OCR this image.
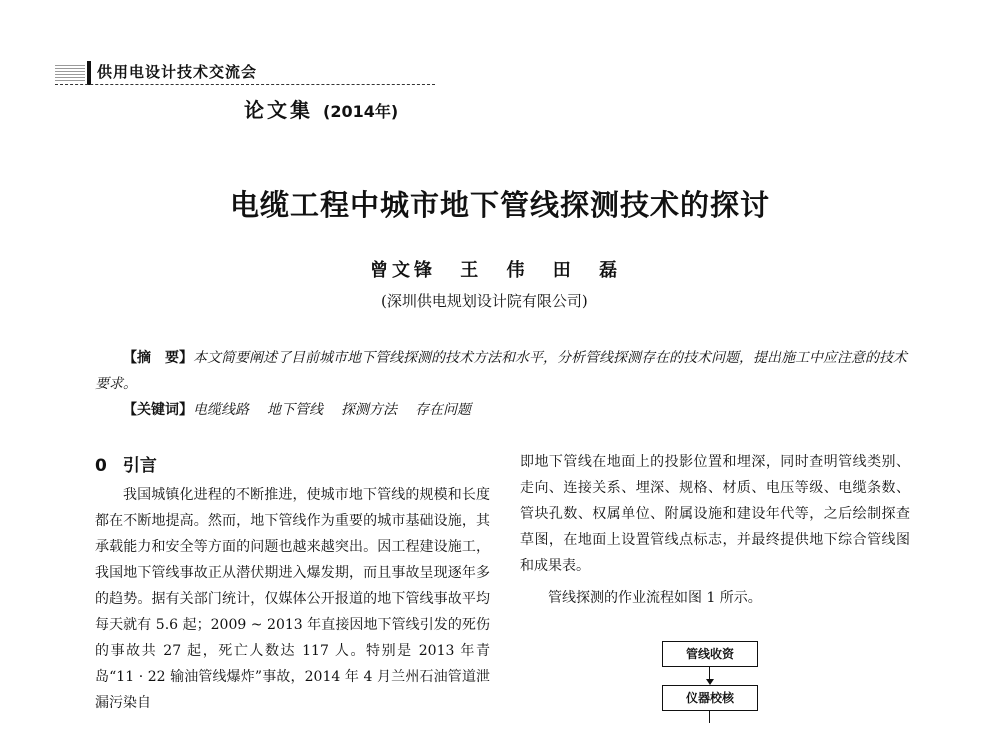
供用电设计技术交流会
论文集 (2014年)
电缆工程中城市地下管线探测技术的探讨
曾文锋 王 伟 田 磊
(深圳供电规划设计院有限公司)

【摘　要】本文简要阐述了目前城市地下管线探测的技术方法和水平，分析管线探测存在的技术问题，提出施工中应注意的技术要求。

【关键词】电缆线路 地下管线 探测方法 存在问题

0 引言

我国城镇化进程的不断推进，使城市地下管线的规模和长度都在不断地提高。然而，地下管线作为重要的城市基础设施，其承载能力和安全等方面的问题也越来越突出。因工程建设施工，我国地下管线事故正从潜伏期进入爆发期，而且事故呈现逐年多的趋势。据有关部门统计，仅媒体公开报道的地下管线事故平均每天就有 5.6 起；2009 ~ 2013 年直接因地下管线引发的死伤的事故共 27 起，死亡人数达 117 人。特别是 2013 年青岛“11 · 22 输油管线爆炸”事故，2014 年 4 月兰州石油管道泄漏污染自

即地下管线在地面上的投影位置和埋深，同时查明管线类别、走向、连接关系、埋深、规格、材质、电压等级、电缆条数、管块孔数、权属单位、附属设施和建设年代等，之后绘制探查草图，在地面上设置管线点标志，并最终提供地下综合管线图和成果表。

管线探测的作业流程如图 1 所示。

管线收资
仪器校核
